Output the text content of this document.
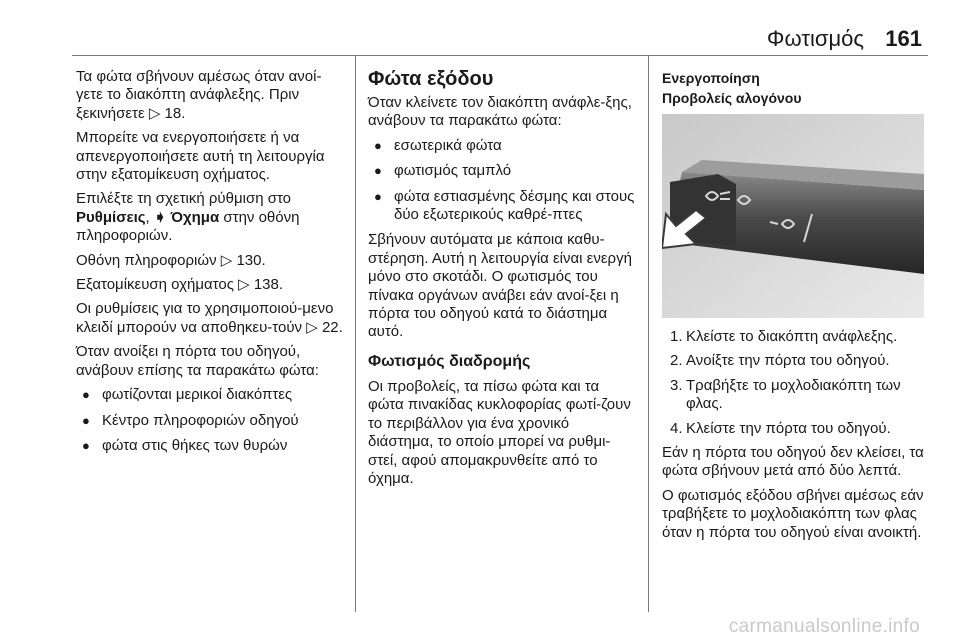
Φωτισμός 161

Τα φώτα σβήνουν αμέσως όταν ανοί-γετε το διακόπτη ανάφλεξης. Πριν ξεκινήσετε ▷ 18.

Μπορείτε να ενεργοποιήσετε ή να απενεργοποιήσετε αυτή τη λειτουργία στην εξατομίκευση οχήματος.

Επιλέξτε τη σχετική ρύθμιση στο
Ρυθμίσεις, ➧ Όχημα στην οθόνη πληροφοριών.

Οθόνη πληροφοριών ▷ 130.

Εξατομίκευση οχήματος ▷ 138.

Οι ρυθμίσεις για το χρησιμοποιού-μενο κλειδί μπορούν να αποθηκευ-τούν ▷ 22.

Όταν ανοίξει η πόρτα του οδηγού, ανάβουν επίσης τα παρακάτω φώτα:

● φωτίζονται μερικοί διακόπτες
● Κέντρο πληροφοριών οδηγού
● φώτα στις θήκες των θυρών
Φώτα εξόδου

Όταν κλείνετε τον διακόπτη ανάφλε-ξης, ανάβουν τα παρακάτω φώτα:

● εσωτερικά φώτα
● φωτισμός ταμπλό
● φώτα εστιασμένης δέσμης και στους δύο εξωτερικούς καθρέ-πτες

Σβήνουν αυτόματα με κάποια καθυ-στέρηση. Αυτή η λειτουργία είναι ενεργή μόνο στο σκοτάδι. Ο φωτισμός του πίνακα οργάνων ανάβει εάν ανοί-ξει η πόρτα του οδηγού κατά το διάστημα αυτό.

Φωτισμός διαδρομής

Οι προβολείς, τα πίσω φώτα και τα φώτα πινακίδας κυκλοφορίας φωτί-ζουν το περιβάλλον για ένα χρονικό διάστημα, το οποίο μπορεί να ρυθμι-στεί, αφού απομακρυνθείτε από το όχημα.

Ενεργοποίηση
Προβολείς αλογόνου
1. Κλείστε το διακόπτη ανάφλεξης.
2. Ανοίξτε την πόρτα του οδηγού.
3. Τραβήξτε το μοχλοδιακόπτη των φλας.
4. Κλείστε την πόρτα του οδηγού.

Εάν η πόρτα του οδηγού δεν κλείσει, τα φώτα σβήνουν μετά από δύο λεπτά.

Ο φωτισμός εξόδου σβήνει αμέσως εάν τραβήξετε το μοχλοδιακόπτη των φλας όταν η πόρτα του οδηγού είναι ανοικτή.

carmanualsonline.info
